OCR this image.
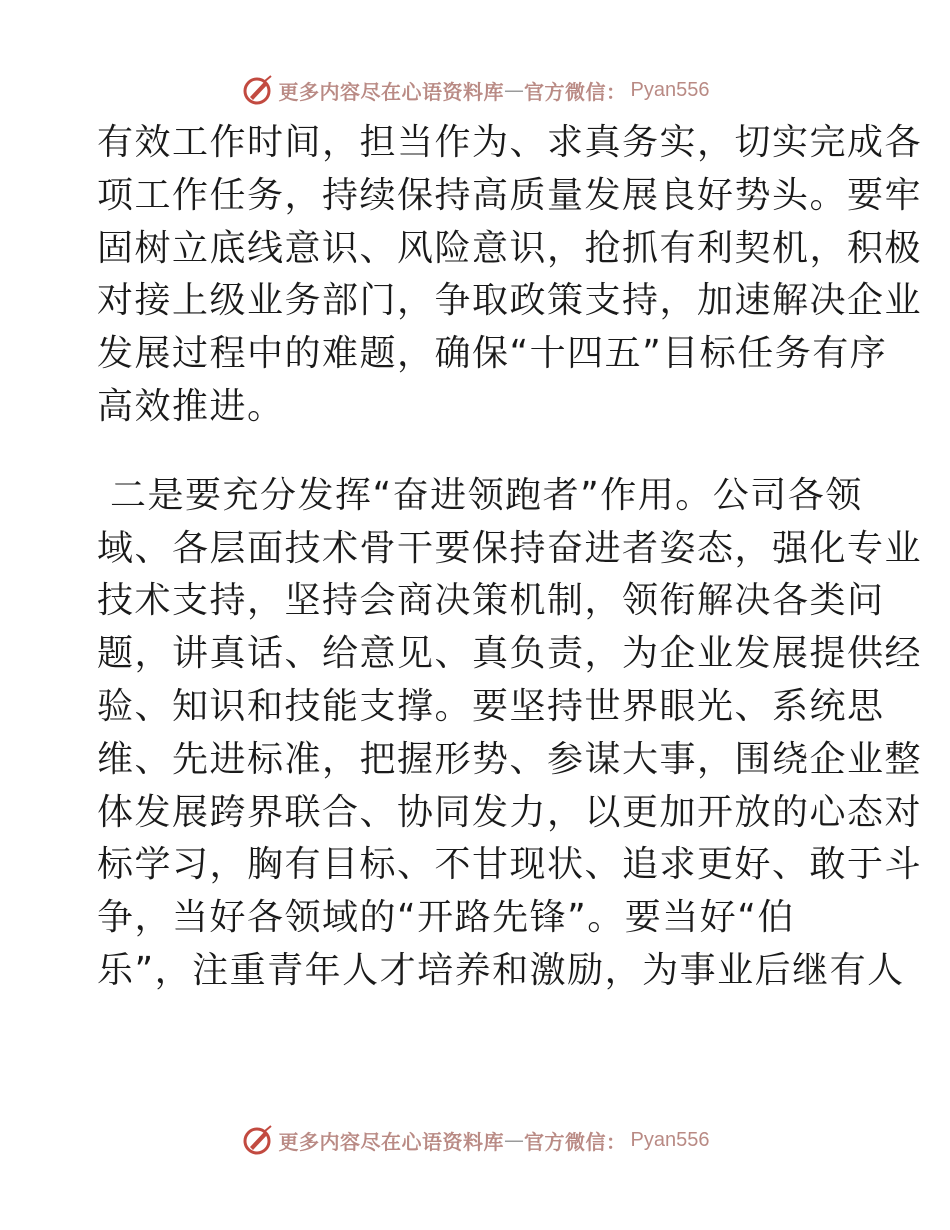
更多内容尽在心语资料库 — 官方微信： Pyan556
有效工作时间，担当作为、求真务实，切实完成各
项工作任务，持续保持高质量发展良好势头。要牢
固树立底线意识、风险意识，抢抓有利契机，积极
对接上级业务部门，争取政策支持，加速解决企业
发展过程中的难题，确保“十四五”目标任务有序
高效推进。
二是要充分发挥“奋进领跑者”作用。公司各领
域、各层面技术骨干要保持奋进者姿态，强化专业
技术支持，坚持会商决策机制，领衔解决各类问
题，讲真话、给意见、真负责，为企业发展提供经
验、知识和技能支撑。要坚持世界眼光、系统思
维、先进标准，把握形势、参谋大事，围绕企业整
体发展跨界联合、协同发力，以更加开放的心态对
标学习，胸有目标、不甘现状、追求更好、敢于斗
争，当好各领域的“开路先锋”。要当好“伯
乐”，注重青年人才培养和激励，为事业后继有人
更多内容尽在心语资料库 — 官方微信： Pyan556
